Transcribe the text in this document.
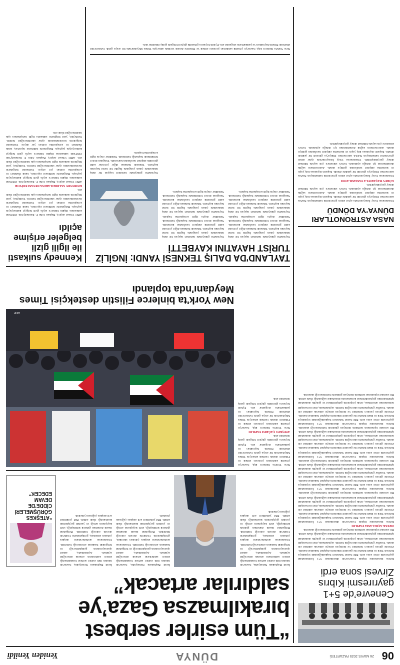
06
26 MAYIS 2025 PAZARTESİ
DÜNYA
Yeniden Yenildi
Cenevre’de 5+1 gayrıresmi Kıbrıs Zirvesi sona erdi
Kıbrıs meselesine ilişkin Cenevre'de düzenlenen 5+1 formatındaki gayriresmi zirve sona erdi. BM Genel Sekreteri başkanlığındaki toplantıya Kıbrıslı Türk ve Rum liderler ile garantör ülkelerin dışişleri bakanları katıldı. Zirvede güven yaratıcı önlemler ve ilerleyen süreçte atılacak adımlar ele alındı. Taraflar görüşmelerin süreceğini belirtti. Açıklamada, mevcut kesişim noktalarının artırılması, ortak projelerin geliştirilmesi ve gençlik alanındaki işbirliklerinin güçlendirilmesi konularında mutabakat sağlandığı ifade edildi. Bir sonraki toplantının tarihinin ilerleyen günlerde belirleneceği aktarıldı.
ORTAK AÇIKLAMA YAPILDI
Kıbrıs meselesine ilişkin Cenevre'de düzenlenen 5+1 formatındaki gayriresmi zirve sona erdi. BM Genel Sekreteri başkanlığındaki toplantıya Kıbrıslı Türk ve Rum liderler ile garantör ülkelerin dışişleri bakanları katıldı. Zirvede güven yaratıcı önlemler ve ilerleyen süreçte atılacak adımlar ele alındı. Taraflar görüşmelerin süreceğini belirtti. Açıklamada, mevcut kesişim noktalarının artırılması, ortak projelerin geliştirilmesi ve gençlik alanındaki işbirliklerinin güçlendirilmesi konularında mutabakat sağlandığı ifade edildi. Bir sonraki toplantının tarihinin ilerleyen günlerde belirleneceği aktarıldı. Kıbrıs meselesine ilişkin Cenevre'de düzenlenen 5+1 formatındaki gayriresmi zirve sona erdi. BM Genel Sekreteri başkanlığındaki toplantıya Kıbrıslı Türk ve Rum liderler ile garantör ülkelerin dışişleri bakanları katıldı. Zirvede güven yaratıcı önlemler ve ilerleyen süreçte atılacak adımlar ele alındı. Taraflar görüşmelerin süreceğini belirtti. Açıklamada, mevcut kesişim noktalarının artırılması, ortak projelerin geliştirilmesi ve gençlik alanındaki işbirliklerinin güçlendirilmesi konularında mutabakat sağlandığı ifade edildi. Bir sonraki toplantının tarihinin ilerleyen günlerde belirleneceği aktarıldı. Kıbrıs meselesine ilişkin Cenevre'de düzenlenen 5+1 formatındaki gayriresmi zirve sona erdi. BM Genel Sekreteri başkanlığındaki toplantıya Kıbrıslı Türk ve Rum liderler ile garantör ülkelerin dışişleri bakanları katıldı. Zirvede güven yaratıcı önlemler ve ilerleyen süreçte atılacak adımlar ele alındı. Taraflar görüşmelerin süreceğini belirtti. Açıklamada, mevcut kesişim noktalarının artırılması, ortak projelerin geliştirilmesi ve gençlik alanındaki işbirliklerinin güçlendirilmesi konularında mutabakat sağlandığı ifade edildi. Bir sonraki toplantının tarihinin ilerleyen günlerde belirleneceği aktarıldı. Kıbrıs meselesine ilişkin Cenevre'de düzenlenen 5+1 formatındaki gayriresmi zirve sona erdi. BM Genel Sekreteri başkanlığındaki toplantıya Kıbrıslı Türk ve Rum liderler ile garantör ülkelerin dışişleri bakanları katıldı. Zirvede güven yaratıcı önlemler ve ilerleyen süreçte atılacak adımlar ele alındı. Taraflar görüşmelerin süreceğini belirtti. Açıklamada, mevcut kesişim noktalarının artırılması, ortak projelerin geliştirilmesi ve gençlik alanındaki işbirliklerinin güçlendirilmesi konularında mutabakat sağlandığı ifade edildi. Bir sonraki toplantının tarihinin ilerleyen günlerde belirleneceği aktarıldı.
NASA ASTRONOTLARI DÜNYA'YA DÖNDÜ
Uluslararası Uzay İstasyonu'nda aylar süren görevlerini tamamlayan NASA astronotları Dünya'ya güvenli bir şekilde döndü. Kapsül okyanusa iniş yaptı ve kurtarma ekipleri tarafından gemiye alındı. Astronotların sağlık durumlarının iyi olduğu açıklandı. Görev süresince çok sayıda bilimsel deney gerçekleştirildi.
GÖREV BAŞARIYLA TAMAMLANDI
Uluslararası Uzay İstasyonu'nda aylar süren görevlerini tamamlayan NASA astronotları Dünya'ya güvenli bir şekilde döndü. Kapsül okyanusa iniş yaptı ve kurtarma ekipleri tarafından gemiye alındı. Astronotların sağlık durumlarının iyi olduğu açıklandı. Görev süresince çok sayıda bilimsel deney gerçekleştirildi. Uluslararası Uzay İstasyonu'nda aylar süren görevlerini tamamlayan NASA astronotları Dünya'ya güvenli bir şekilde döndü. Kapsül okyanusa iniş yaptı ve kurtarma ekipleri tarafından gemiye alındı. Astronotların sağlık durumlarının iyi olduğu açıklandı. Görev süresince çok sayıda bilimsel deney gerçekleştirildi.
“Tüm esirler serbest bırakılmazsa Gaza’ye saldırılar artacak”
İsrail Başbakanı Netanyahu, Gazze'de tutulan tüm esirler serbest bırakılmadığı sürece saldırıların artarak süreceğini açıkladı. Açıklamada, askeri operasyonların genişletileceği ve bölgedeki baskının artırılacağı belirtildi. Uluslararası arabulucuların ateşkes çabaları sürerken, görüşmelerin Cidde'de devam edeceği bildirildi. Bölgedeki insani durumun giderek kötüleştiği, sivil kayıpların arttığı ve yardım geçişlerinin kısıtlandığı ifade edildi. BM yetkilileri acil ateşkes çağrısını yineledi.
İsrail Başbakanı Netanyahu, Gazze'de tutulan tüm esirler serbest bırakılmadığı sürece saldırıların artarak süreceğini açıkladı. Açıklamada, askeri operasyonların genişletileceği ve bölgedeki baskının artırılacağı belirtildi. Uluslararası arabulucuların ateşkes çabaları sürerken, görüşmelerin Cidde'de devam edeceği bildirildi. Bölgedeki insani durumun giderek kötüleştiği, sivil kayıpların arttığı ve yardım geçişlerinin kısıtlandığı ifade edildi. BM yetkilileri acil ateşkes çağrısını yineledi.
İsrail Başbakanı Netanyahu, Gazze'de tutulan tüm esirler serbest bırakılmadığı sürece saldırıların artarak süreceğini açıkladı. Açıklamada, askeri operasyonların genişletileceği ve bölgedeki baskının artırılacağı belirtildi. Uluslararası arabulucuların ateşkes çabaları sürerken, görüşmelerin Cidde'de devam edeceği bildirildi. Bölgedeki insani durumun giderek kötüleştiği, sivil kayıpların arttığı ve yardım geçişlerinin kısıtlandığı ifade edildi. BM yetkilileri acil ateşkes çağrısını yineledi.
“ATEŞKES GÖRÜŞMELERİ CİDDE’DE DEVAM EDECEK”
New York'ta binlerce kişi, Gazze'ye yönelik saldırıları protesto etmek ve Filistin'e destek vermek amacıyla Times Meydanı'nda bir araya geldi. Göstericiler ellerinde Filistin bayrakları ve pankartlarla sloganlar attı. Eylem boyunca güvenlik güçleri bölgede geniş önlemler aldı.
ATEŞKES ÇAĞRISI YAPILDI
New York'ta binlerce kişi, Gazze'ye yönelik saldırıları protesto etmek ve Filistin'e destek vermek amacıyla Times Meydanı'nda bir araya geldi. Göstericiler ellerinde Filistin bayrakları ve pankartlarla sloganlar attı. Eylem boyunca güvenlik güçleri bölgede geniş önlemler aldı.
AFP
New York'ta binlerce Filistin destekçisi Times Meydanı'nda toplandı
TAYLAND'DA DALIŞ TEKNESİ YANDI: İNGİLİZ TURİST HAYATINI KAYBETTİ
Tayland'ın güneyinde turistleri taşıyan bir dalış teknesinde çıkan yangında İngiliz bir turist hayatını kaybetti. Teknede bulunan diğer yolcular sahil güvenlik ekipleri tarafından kurtarıldı. Yangının motor bölümünde başladığı belirlendi. Yetkililer olayla ilgili soruşturma başlattı. Tayland'ın güneyinde turistleri taşıyan bir dalış teknesinde çıkan yangında İngiliz bir turist hayatını kaybetti. Teknede bulunan diğer yolcular sahil güvenlik ekipleri tarafından kurtarıldı. Yangının motor bölümünde başladığı belirlendi. Yetkililer olayla ilgili soruşturma başlattı.
Tayland'ın güneyinde turistleri taşıyan bir dalış teknesinde çıkan yangında İngiliz bir turist hayatını kaybetti. Teknede bulunan diğer yolcular sahil güvenlik ekipleri tarafından kurtarıldı. Yangının motor bölümünde başladığı belirlendi. Yetkililer olayla ilgili soruşturma başlattı. Tayland'ın güneyinde turistleri taşıyan bir dalış teknesinde çıkan yangında İngiliz bir turist hayatını kaybetti. Teknede bulunan diğer yolcular sahil güvenlik ekipleri tarafından kurtarıldı. Yangının motor bölümünde başladığı belirlendi. Yetkililer olayla ilgili soruşturma başlattı.
Tayland'ın güneyinde turistleri taşıyan bir dalış teknesinde çıkan yangında İngiliz bir turist hayatını kaybetti. Teknede bulunan diğer yolcular sahil güvenlik ekipleri tarafından kurtarıldı. Yangının motor bölümünde başladığı belirlendi. Yetkililer olayla ilgili soruşturma başlattı.
Kennedy suikasti ile ilgili gizli belgeler erişime açıldı
ABD Ulusal Arşivi, Başkan John F. Kennedy'nin 1963'teki suikastına ilişkin binlerce sayfa gizli belgeyi kamuoyuyla paylaştı. Belgelerde istihbarat raporları, tanık ifadeleri ve soruşturma notları yer alıyor. Uzmanlar belgelerin incelenmesinin aylar sürebileceğini belirtti. Tarihçiler, yeni bilgilerin suikastla ilgili tartışmalara ışık tutabileceğini ifade etti.
KEMENDY SALDIRILARINA DEVAM EDİYOR
ABD Ulusal Arşivi, Başkan John F. Kennedy'nin 1963'teki suikastına ilişkin binlerce sayfa gizli belgeyi kamuoyuyla paylaştı. Belgelerde istihbarat raporları, tanık ifadeleri ve soruşturma notları yer alıyor. Uzmanlar belgelerin incelenmesinin aylar sürebileceğini belirtti. Tarihçiler, yeni bilgilerin suikastla ilgili tartışmalara ışık tutabileceğini ifade etti. ABD Ulusal Arşivi, Başkan John F. Kennedy'nin 1963'teki suikastına ilişkin binlerce sayfa gizli belgeyi kamuoyuyla paylaştı. Belgelerde istihbarat raporları, tanık ifadeleri ve soruşturma notları yer alıyor. Uzmanlar belgelerin incelenmesinin aylar sürebileceğini belirtti. Tarihçiler, yeni bilgilerin suikastla ilgili tartışmalara ışık tutabileceğini ifade etti.
New York'ta binlerce kişi, Gazze'ye yönelik saldırıları protesto etmek ve Filistin'e destek vermek amacıyla Times Meydanı'nda bir araya geldi. Göstericiler ellerinde Filistin bayrakları ve pankartlarla sloganlar attı. Eylem boyunca güvenlik güçleri bölgede geniş önlemler aldı.
